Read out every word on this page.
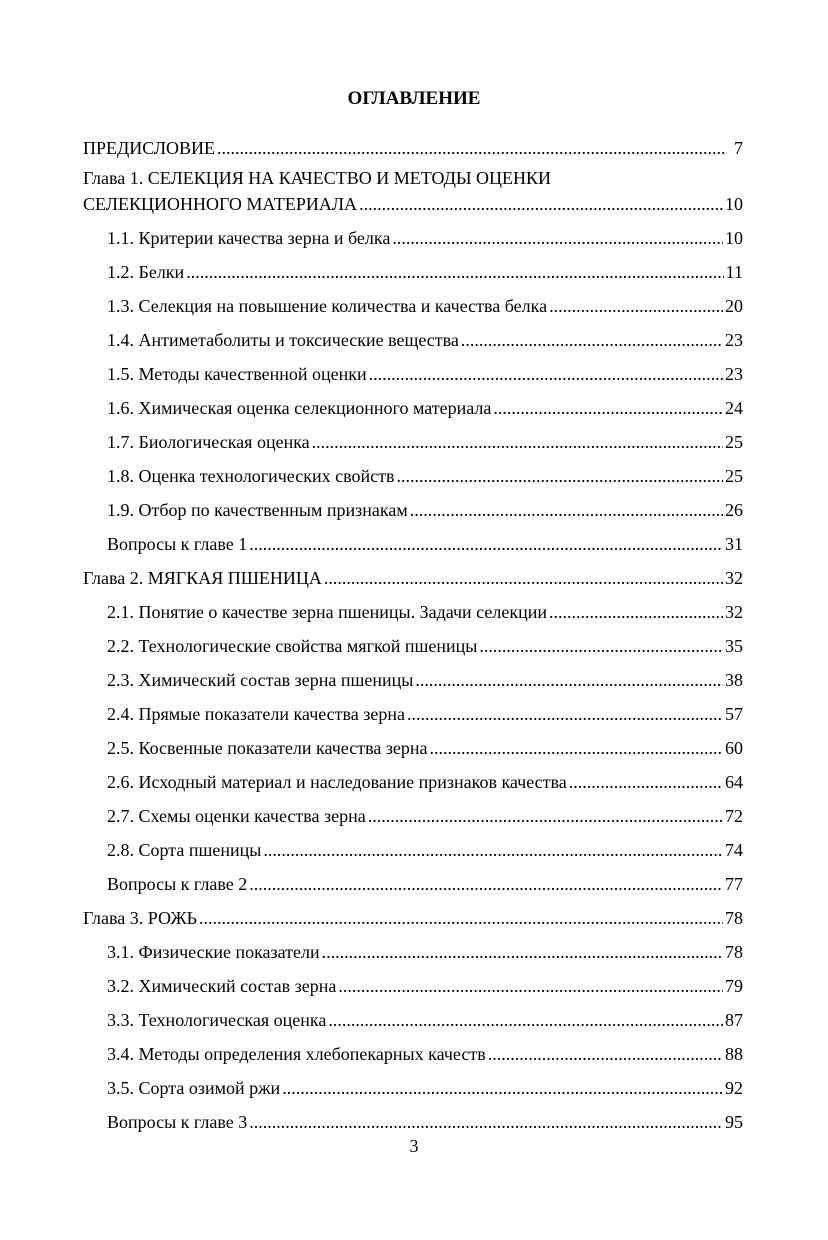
ОГЛАВЛЕНИЕ
ПРЕДИСЛОВИЕ .....	7
Глава 1. СЕЛЕКЦИЯ НА КАЧЕСТВО И МЕТОДЫ ОЦЕНКИ
СЕЛЕКЦИОННОГО МАТЕРИАЛА .....	10
1.1. Критерии качества зерна и белка .....	10
1.2. Белки .....	11
1.3. Селекция на повышение количества и качества белка .....	20
1.4. Антиметаболиты и токсические вещества .....	23
1.5. Методы качественной оценки .....	23
1.6. Химическая оценка селекционного материала .....	24
1.7. Биологическая оценка .....	25
1.8. Оценка технологических свойств .....	25
1.9. Отбор по качественным признакам .....	26
Вопросы к главе 1 .....	31
Глава 2. МЯГКАЯ ПШЕНИЦА .....	32
2.1. Понятие о качестве зерна пшеницы. Задачи селекции .....	32
2.2. Технологические свойства мягкой пшеницы .....	35
2.3. Химический состав зерна пшеницы .....	38
2.4. Прямые показатели качества зерна .....	57
2.5. Косвенные показатели качества зерна .....	60
2.6. Исходный материал и наследование признаков качества .....	64
2.7. Схемы оценки качества зерна .....	72
2.8. Сорта пшеницы .....	74
Вопросы к главе 2 .....	77
Глава 3. РОЖЬ .....	78
3.1. Физические показатели .....	78
3.2. Химический состав зерна .....	79
3.3. Технологическая оценка .....	87
3.4. Методы определения хлебопекарных качеств .....	88
3.5. Сорта озимой ржи .....	92
Вопросы к главе 3 .....	95
3
